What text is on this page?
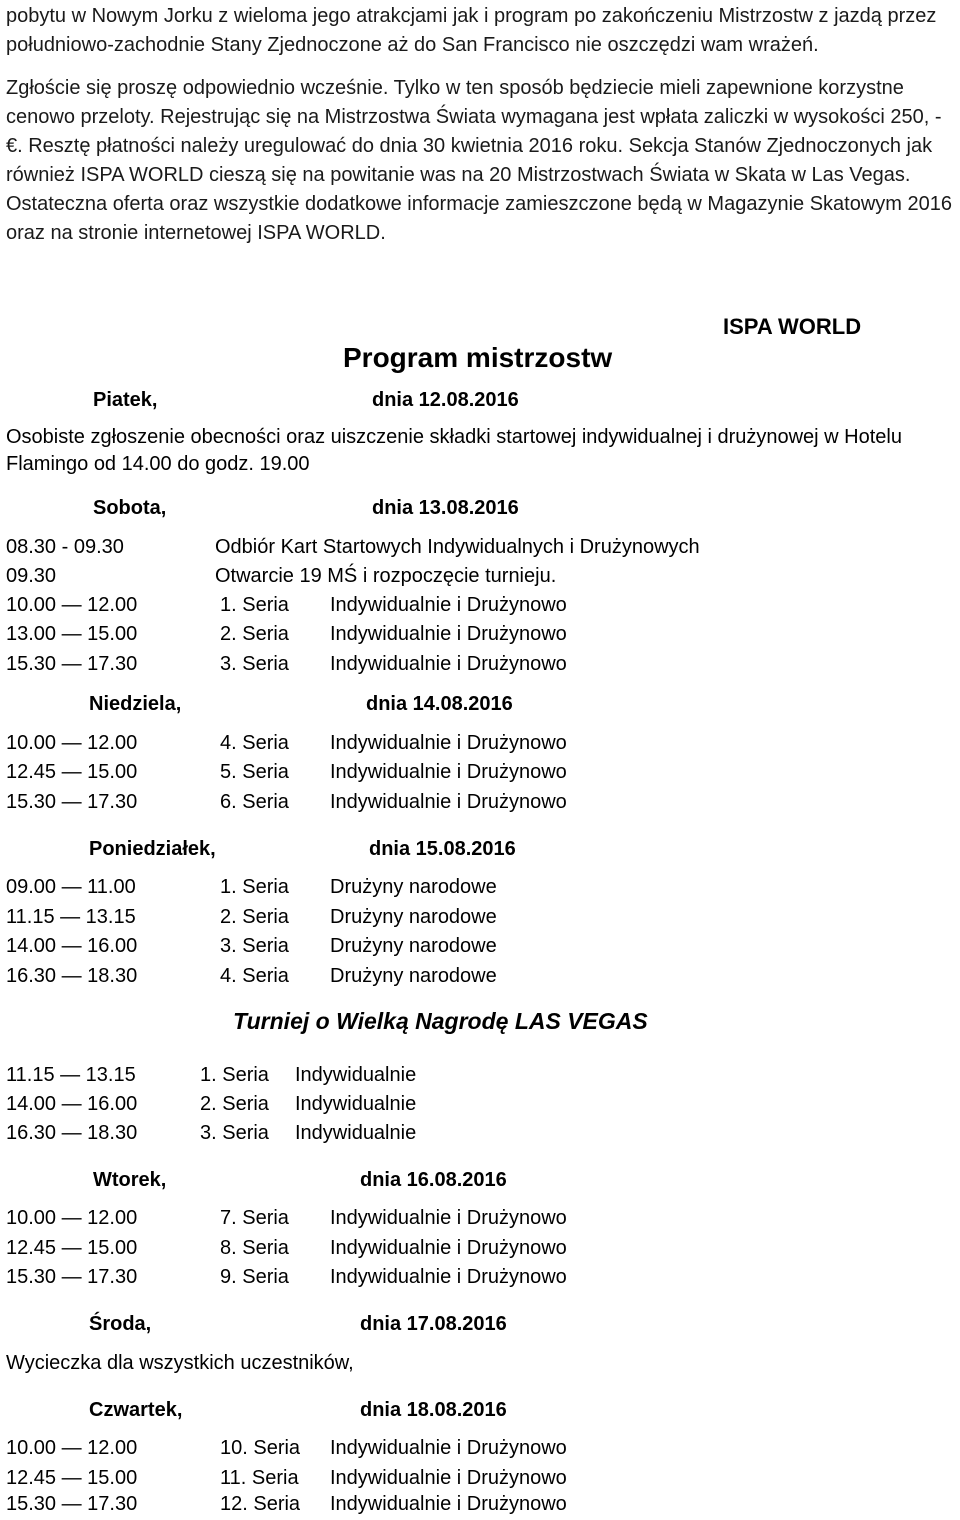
pobytu w Nowym Jorku z wieloma jego atrakcjami jak i program po zakończeniu Mistrzostw z jazdą przez południowo-zachodnie Stany Zjednoczone aż do San Francisco nie oszczędzi wam wrażeń.

Zgłoście się proszę odpowiednio wcześnie. Tylko w ten sposób będziecie mieli zapewnione korzystne cenowo przeloty. Rejestrując się na Mistrzostwa Świata wymagana jest wpłata zaliczki w wysokości 250, - €. Resztę płatności należy uregulować do dnia 30 kwietnia 2016 roku. Sekcja Stanów Zjednoczonych jak również ISPA WORLD cieszą się na powitanie was na 20 Mistrzostwach Świata w Skata w Las Vegas. Ostateczna oferta oraz wszystkie dodatkowe informacje zamieszczone będą w Magazynie Skatowym 2016 oraz na stronie internetowej ISPA WORLD.

ISPA WORLD
Program mistrzostw
Piatek,	dnia 12.08.2016
Osobiste zgłoszenie obecności oraz uiszczenie składki startowej indywidualnej i drużynowej w Hotelu Flamingo od 14.00 do godz. 19.00
Sobota,	dnia 13.08.2016
08.30 - 09.30	Odbiór Kart Startowych Indywidualnych i Drużynowych
09.30	Otwarcie 19 MŚ i rozpoczęcie turnieju.
10.00 — 12.00	1. Seria Indywidualnie i Drużynowo
13.00 — 15.00	2. Seria Indywidualnie i Drużynowo
15.30 — 17.30	3. Seria Indywidualnie i Drużynowo
Niedziela,	dnia 14.08.2016
10.00 — 12.00	4. Seria Indywidualnie i Drużynowo
12.45 — 15.00	5. Seria Indywidualnie i Drużynowo
15.30 — 17.30	6. Seria Indywidualnie i Drużynowo
Poniedziałek,	dnia 15.08.2016
09.00 — 11.00	1. Seria Drużyny narodowe
11.15 — 13.15	2. Seria Drużyny narodowe
14.00 — 16.00	3. Seria Drużyny narodowe
16.30 — 18.30	4. Seria Drużyny narodowe
Turniej o Wielką Nagrodę LAS VEGAS
11.15 — 13.15	1. Seria Indywidualnie
14.00 — 16.00	2. Seria Indywidualnie
16.30 — 18.30	3. Seria Indywidualnie
Wtorek,	dnia 16.08.2016
10.00 — 12.00	7. Seria Indywidualnie i Drużynowo
12.45 — 15.00	8. Seria Indywidualnie i Drużynowo
15.30 — 17.30	9. Seria Indywidualnie i Drużynowo
Środa,	dnia 17.08.2016
Wycieczka dla wszystkich uczestników,
Czwartek,	dnia 18.08.2016
10.00 — 12.00	10. Seria Indywidualnie i Drużynowo
12.45 — 15.00	11. Seria Indywidualnie i Drużynowo
15.30 — 17.30	12. Seria Indywidualnie i Drużynowo
